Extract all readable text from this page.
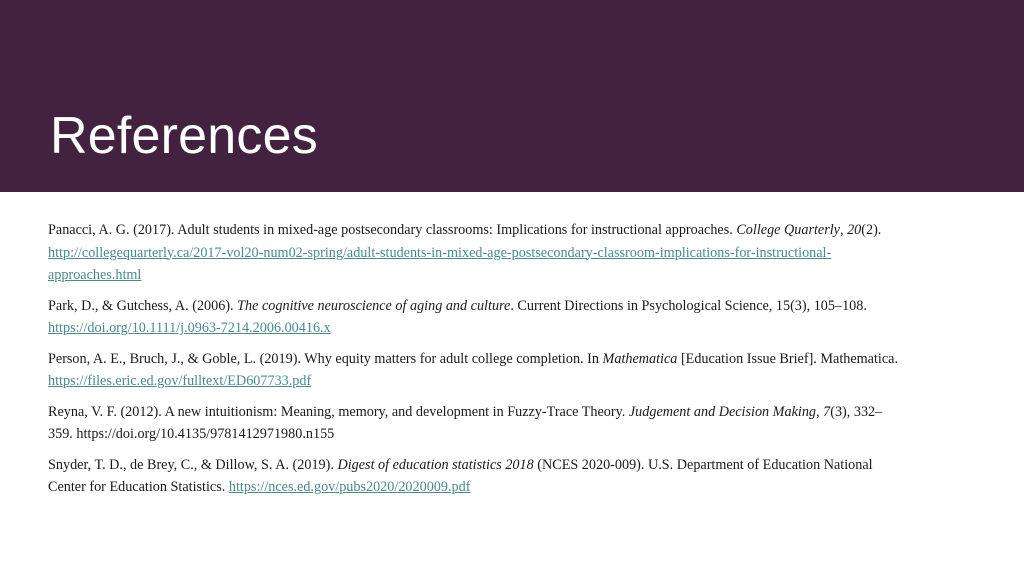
References

Panacci, A. G. (2017). Adult students in mixed-age postsecondary classrooms: Implications for instructional approaches. College Quarterly, 20(2).
http://collegequarterly.ca/2017-vol20-num02-spring/adult-students-in-mixed-age-postsecondary-classroom-implications-for-instructional-
approaches.html

Park, D., & Gutchess, A. (2006). The cognitive neuroscience of aging and culture. Current Directions in Psychological Science, 15(3), 105–108.
https://doi.org/10.1111/j.0963-7214.2006.00416.x

Person, A. E., Bruch, J., & Goble, L. (2019). Why equity matters for adult college completion. In Mathematica [Education Issue Brief]. Mathematica.
https://files.eric.ed.gov/fulltext/ED607733.pdf

Reyna, V. F. (2012). A new intuitionism: Meaning, memory, and development in Fuzzy-Trace Theory. Judgement and Decision Making, 7(3), 332–
359. https://doi.org/10.4135/9781412971980.n155

Snyder, T. D., de Brey, C., & Dillow, S. A. (2019). Digest of education statistics 2018 (NCES 2020-009). U.S. Department of Education National
Center for Education Statistics. https://nces.ed.gov/pubs2020/2020009.pdf
